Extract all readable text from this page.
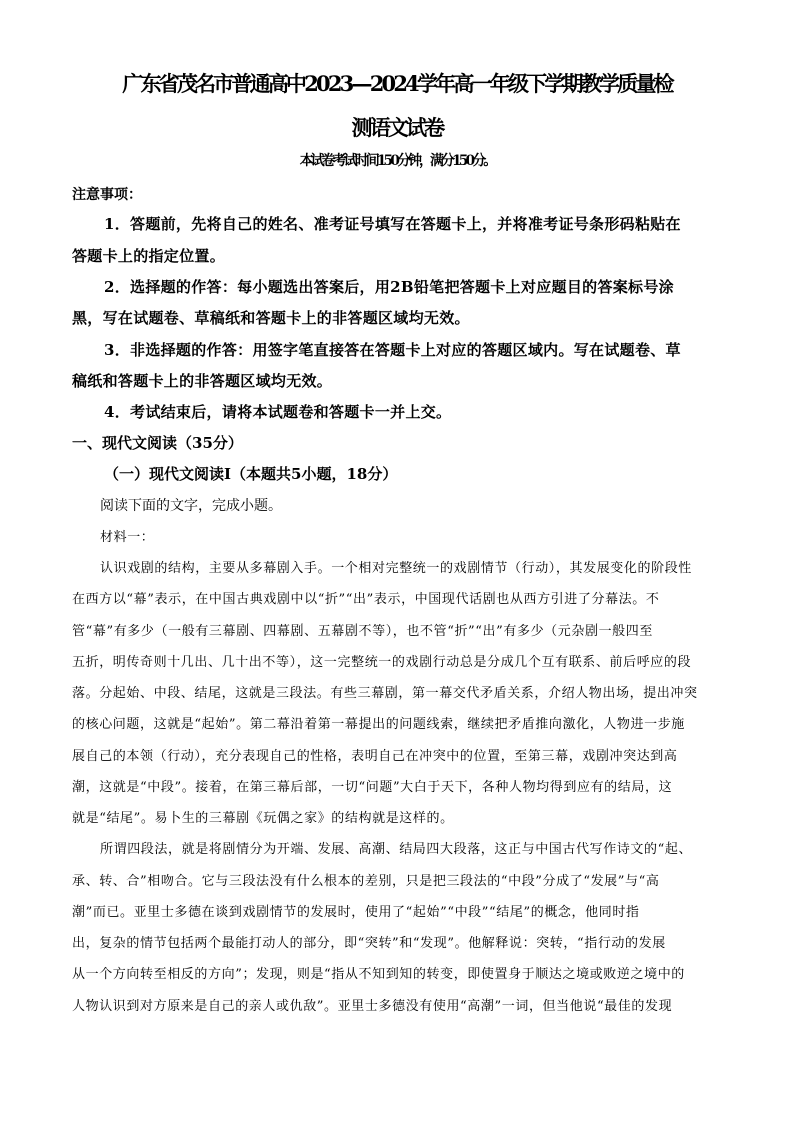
广东省茂名市普通高中2023—2024学年高一年级下学期教学质量检
测语文试卷
本试卷考试时间150分钟，满分150分。
注意事项：
1．答题前，先将自己的姓名、准考证号填写在答题卡上，并将准考证号条形码粘贴在
答题卡上的指定位置。
2．选择题的作答：每小题选出答案后，用2B铅笔把答题卡上对应题目的答案标号涂
黑，写在试题卷、草稿纸和答题卡上的非答题区域均无效。
3．非选择题的作答：用签字笔直接答在答题卡上对应的答题区域内。写在试题卷、草
稿纸和答题卡上的非答题区域均无效。
4．考试结束后，请将本试题卷和答题卡一并上交。
一、现代文阅读（35分）
（一）现代文阅读Ⅰ（本题共5小题，18分）
阅读下面的文字，完成小题。
材料一：
认识戏剧的结构，主要从多幕剧入手。一个相对完整统一的戏剧情节（行动），其发展变化的阶段性
在西方以“幕”表示，在中国古典戏剧中以“折”“出”表示，中国现代话剧也从西方引进了分幕法。不
管“幕”有多少（一般有三幕剧、四幕剧、五幕剧不等），也不管“折”“出”有多少（元杂剧一般四至
五折，明传奇则十几出、几十出不等），这一完整统一的戏剧行动总是分成几个互有联系、前后呼应的段
落。分起始、中段、结尾，这就是三段法。有些三幕剧，第一幕交代矛盾关系，介绍人物出场，提出冲突
的核心问题，这就是“起始”。第二幕沿着第一幕提出的问题线索，继续把矛盾推向激化，人物进一步施
展自己的本领（行动），充分表现自己的性格，表明自己在冲突中的位置，至第三幕，戏剧冲突达到高
潮，这就是“中段”。接着，在第三幕后部，一切“问题”大白于天下，各种人物均得到应有的结局，这
就是“结尾”。易卜生的三幕剧《玩偶之家》的结构就是这样的。
所谓四段法，就是将剧情分为开端、发展、高潮、结局四大段落，这正与中国古代写作诗文的“起、
承、转、合”相吻合。它与三段法没有什么根本的差别，只是把三段法的“中段”分成了“发展”与“高
潮”而已。亚里士多德在谈到戏剧情节的发展时，使用了“起始”“中段”“结尾”的概念，他同时指
出，复杂的情节包括两个最能打动人的部分，即“突转”和“发现”。他解释说：突转，“指行动的发展
从一个方向转至相反的方向”；发现，则是“指从不知到知的转变，即使置身于顺达之境或败逆之境中的
人物认识到对方原来是自己的亲人或仇敌”。亚里士多德没有使用“高潮”一词，但当他说“最佳的发现
